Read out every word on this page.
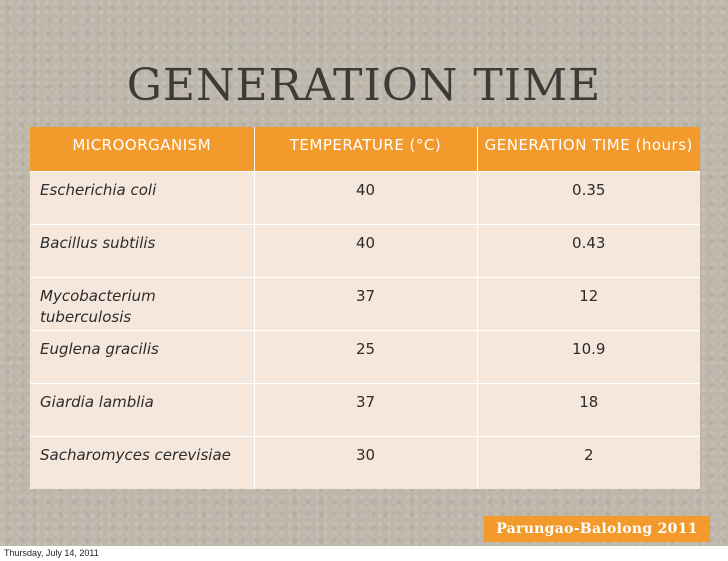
GENERATION TIME
MICROORGANISM	TEMPERATURE (°C)	GENERATION TIME (hours)
Escherichia coli	40	0.35
Bacillus subtilis	40	0.43
Mycobacterium tuberculosis	37	12
Euglena gracilis	25	10.9
Giardia lamblia	37	18
Sacharomyces cerevisiae	30	2
Parungao-Balolong 2011
Thursday, July 14, 2011
